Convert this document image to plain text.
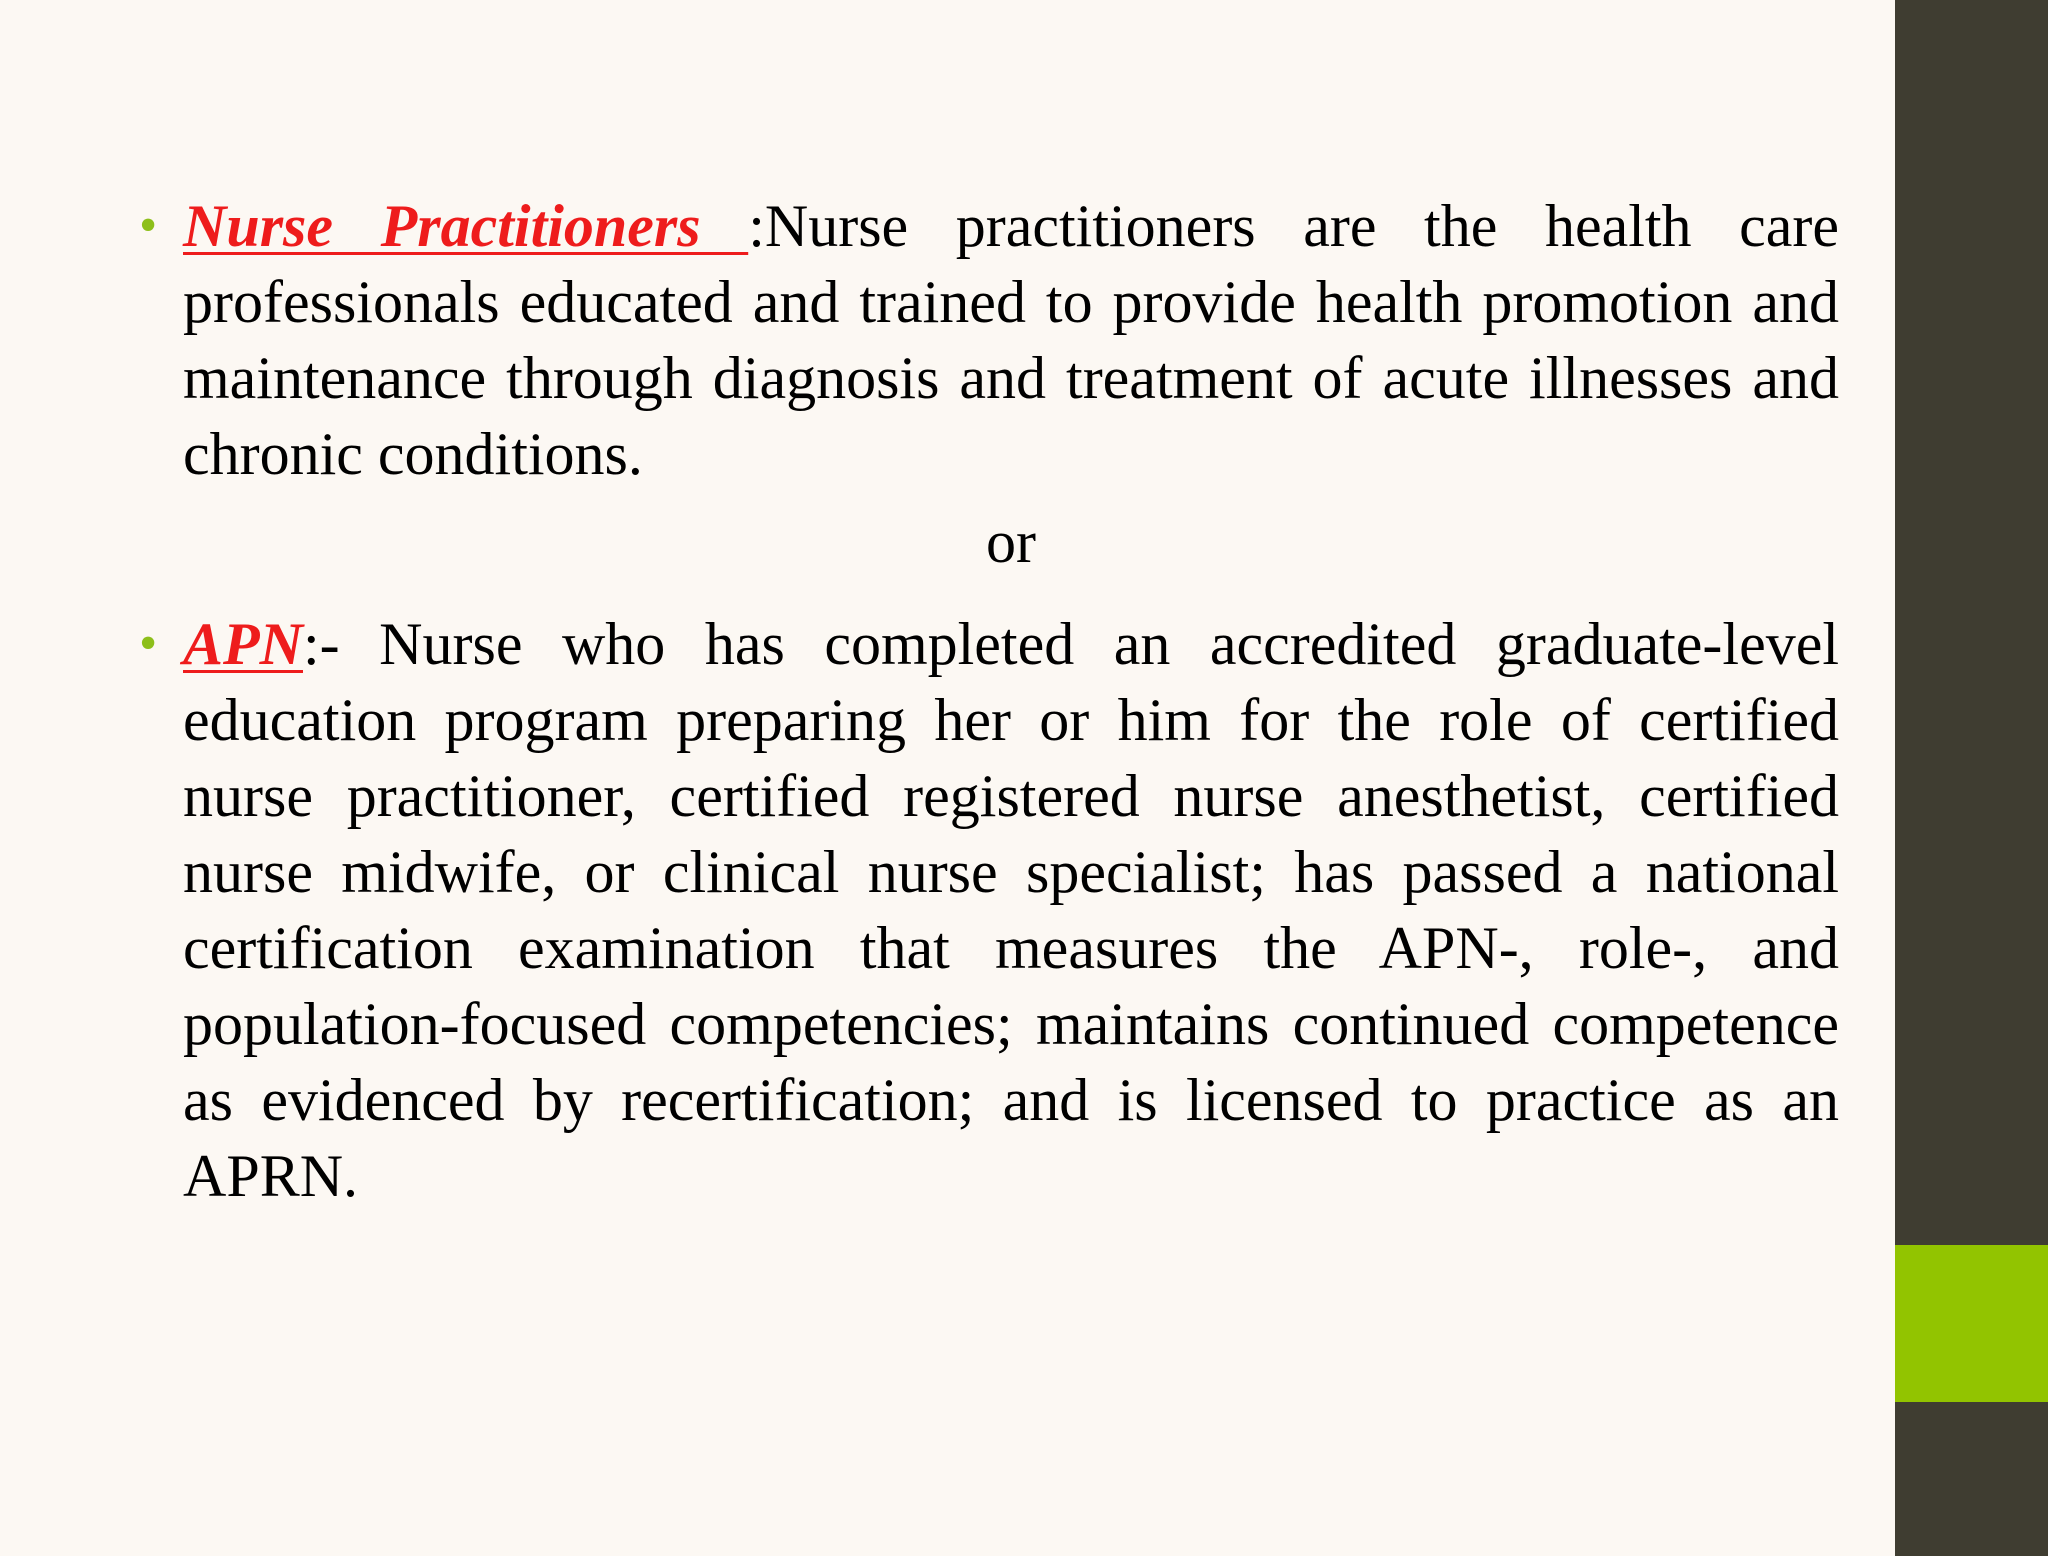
• Nurse Practitioners :Nurse practitioners are the health care professionals educated and trained to provide health promotion and maintenance through diagnosis and treatment of acute illnesses and chronic conditions.
or
• APN:- Nurse who has completed an accredited graduate-level education program preparing her or him for the role of certified nurse practitioner, certified registered nurse anesthetist, certified nurse midwife, or clinical nurse specialist; has passed a national certification examination that measures the APN-, role-, and population-focused competencies; maintains continued competence as evidenced by recertification; and is licensed to practice as an APRN.
